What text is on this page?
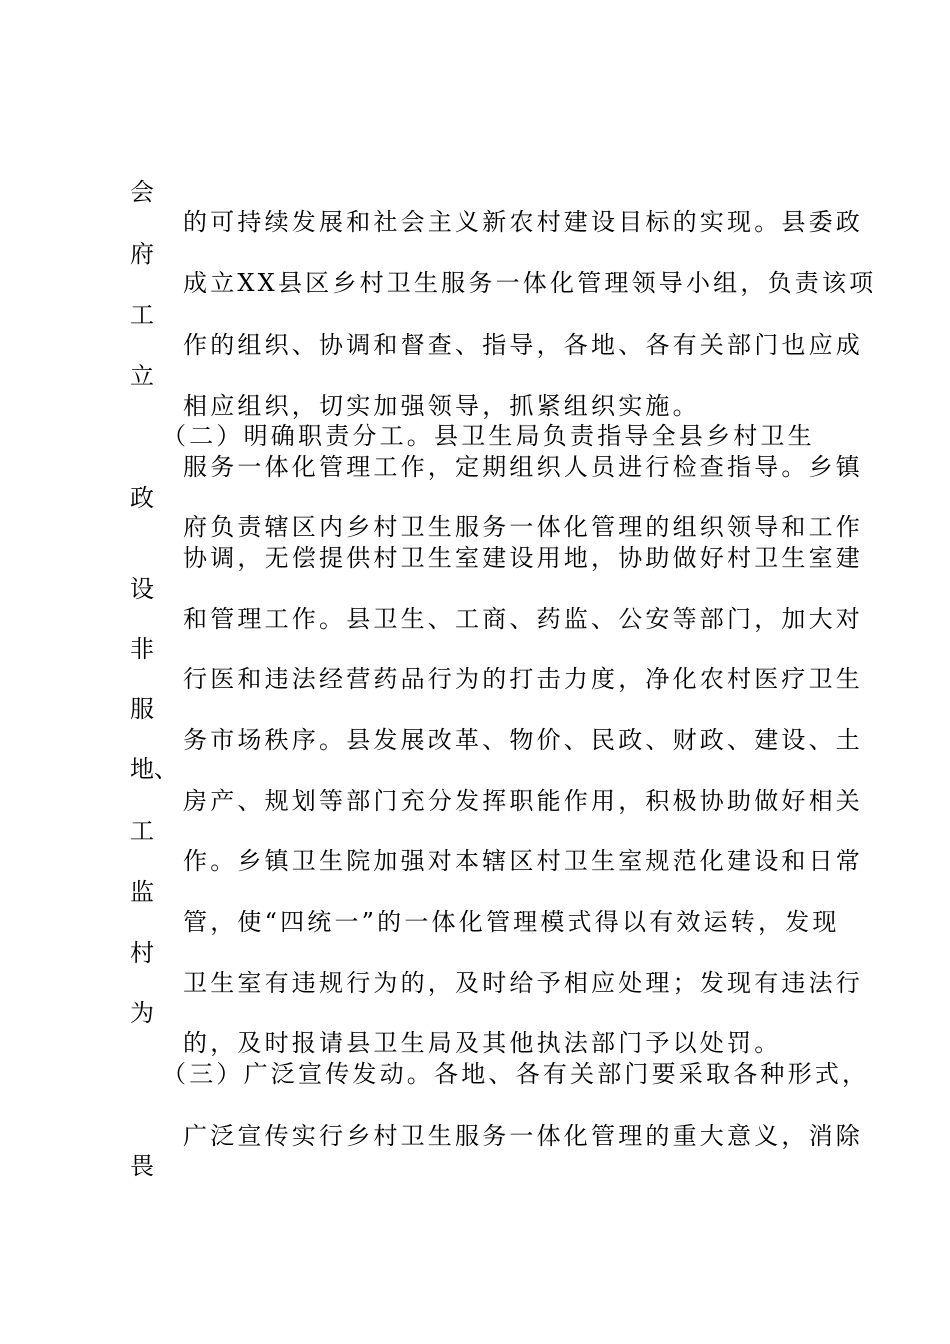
会
府
工
立
政
设
非
服
地、
工
监
村
为
畏
的可持续发展和社会主义新农村建设目标的实现。县委政
成立XX县区乡村卫生服务一体化管理领导小组，负责该项
作的组织、协调和督查、指导，各地、各有关部门也应成
相应组织，切实加强领导，抓紧组织实施。
（二）明确职责分工。县卫生局负责指导全县乡村卫生
服务一体化管理工作，定期组织人员进行检查指导。乡镇
府负责辖区内乡村卫生服务一体化管理的组织领导和工作
协调，无偿提供村卫生室建设用地，协助做好村卫生室建
和管理工作。县卫生、工商、药监、公安等部门，加大对
行医和违法经营药品行为的打击力度，净化农村医疗卫生
务市场秩序。县发展改革、物价、民政、财政、建设、土
房产、规划等部门充分发挥职能作用，积极协助做好相关
作。乡镇卫生院加强对本辖区村卫生室规范化建设和日常
管，使“四统一”的一体化管理模式得以有效运转，发现
卫生室有违规行为的，及时给予相应处理；发现有违法行
的，及时报请县卫生局及其他执法部门予以处罚。
（三）广泛宣传发动。各地、各有关部门要采取各种形式，
广泛宣传实行乡村卫生服务一体化管理的重大意义，消除
